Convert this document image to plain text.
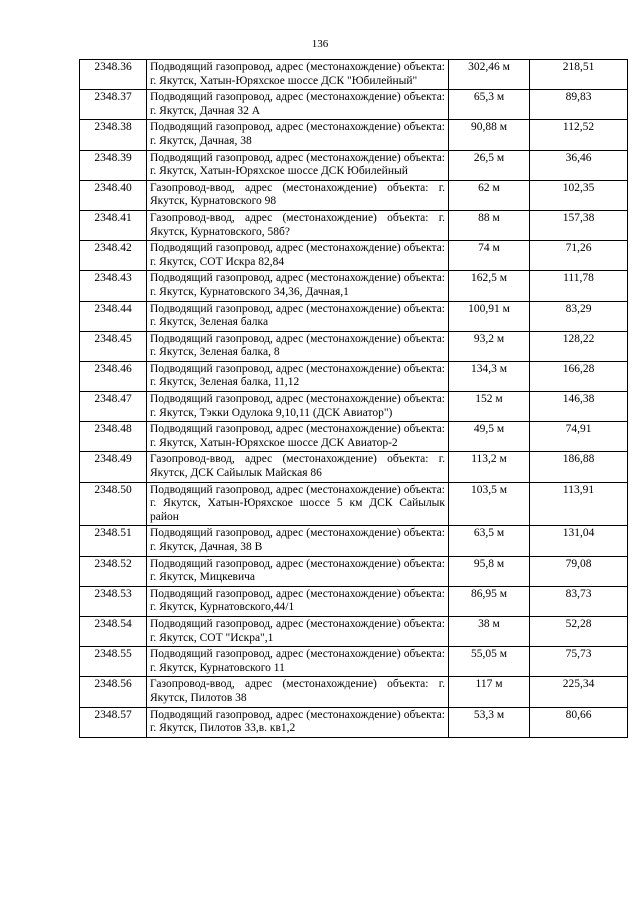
136
2348.36	Подводящий газопровод, адрес (местонахождение) объекта: г. Якутск, Хатын-Юряхское шоссе ДСК "Юбилейный"	302,46 м	218,51
2348.37	Подводящий газопровод, адрес (местонахождение) объекта: г. Якутск, Дачная 32 А	65,3 м	89,83
2348.38	Подводящий газопровод, адрес (местонахождение) объекта: г. Якутск, Дачная, 38	90,88 м	112,52
2348.39	Подводящий газопровод, адрес (местонахождение) объекта: г. Якутск, Хатын-Юряхское шоссе ДСК Юбилейный	26,5 м	36,46
2348.40	Газопровод-ввод, адрес (местонахождение) объекта: г. Якутск, Курнатовского 98	62 м	102,35
2348.41	Газопровод-ввод, адрес (местонахождение) объекта: г. Якутск, Курнатовского, 58б?	88 м	157,38
2348.42	Подводящий газопровод, адрес (местонахождение) объекта: г. Якутск, СОТ Искра 82,84	74 м	71,26
2348.43	Подводящий газопровод, адрес (местонахождение) объекта: г. Якутск, Курнатовского 34,36, Дачная,1	162,5 м	111,78
2348.44	Подводящий газопровод, адрес (местонахождение) объекта: г. Якутск, Зеленая балка	100,91 м	83,29
2348.45	Подводящий газопровод, адрес (местонахождение) объекта: г. Якутск, Зеленая балка, 8	93,2 м	128,22
2348.46	Подводящий газопровод, адрес (местонахождение) объекта: г. Якутск, Зеленая балка, 11,12	134,3 м	166,28
2348.47	Подводящий газопровод, адрес (местонахождение) объекта: г. Якутск, Тэкки Одулока 9,10,11 (ДСК Авиатор")	152 м	146,38
2348.48	Подводящий газопровод, адрес (местонахождение) объекта: г. Якутск, Хатын-Юряхское шоссе ДСК Авиатор-2	49,5 м	74,91
2348.49	Газопровод-ввод, адрес (местонахождение) объекта: г. Якутск, ДСК Сайылык Майская 86	113,2 м	186,88
2348.50	Подводящий газопровод, адрес (местонахождение) объекта: г. Якутск, Хатын-Юряхское шоссе 5 км ДСК Сайылык район	103,5 м	113,91
2348.51	Подводящий газопровод, адрес (местонахождение) объекта: г. Якутск, Дачная, 38 В	63,5 м	131,04
2348.52	Подводящий газопровод, адрес (местонахождение) объекта: г. Якутск, Мицкевича	95,8 м	79,08
2348.53	Подводящий газопровод, адрес (местонахождение) объекта: г. Якутск, Курнатовского,44/1	86,95 м	83,73
2348.54	Подводящий газопровод, адрес (местонахождение) объекта: г. Якутск, СОТ "Искра",1	38 м	52,28
2348.55	Подводящий газопровод, адрес (местонахождение) объекта: г. Якутск, Курнатовского 11	55,05 м	75,73
2348.56	Газопровод-ввод, адрес (местонахождение) объекта: г. Якутск, Пилотов 38	117 м	225,34
2348.57	Подводящий газопровод, адрес (местонахождение) объекта: г. Якутск, Пилотов 33,в. кв1,2	53,3 м	80,66
